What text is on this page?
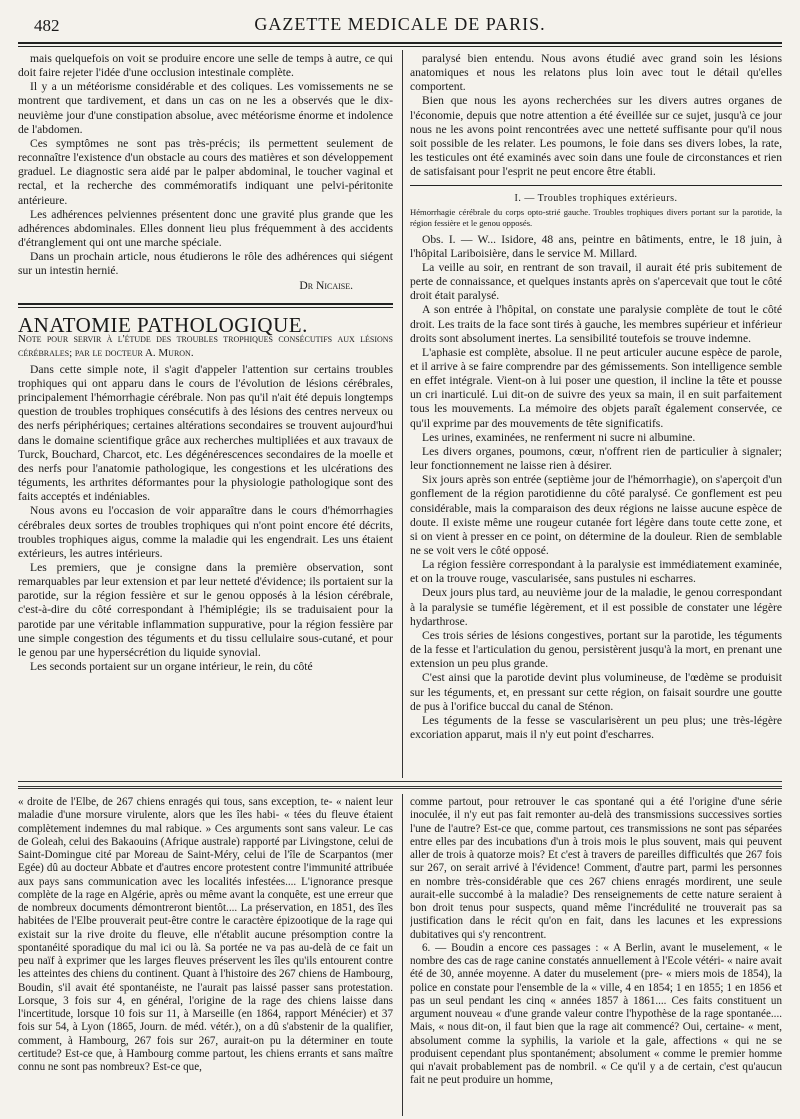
482	GAZETTE MEDICALE DE PARIS.

mais quelquefois on voit se produire encore une selle de temps à autre, ce qui doit faire rejeter l'idée d'une occlusion intestinale complète.

Il y a un météorisme considérable et des coliques. Les vomissements ne se montrent que tardivement, et dans un cas on ne les a observés que le dix-neuvième jour d'une constipation absolue, avec météorisme énorme et indolence de l'abdomen.

Ces symptômes ne sont pas très-précis; ils permettent seulement de reconnaître l'existence d'un obstacle au cours des matières et son développement graduel. Le diagnostic sera aidé par le palper abdominal, le toucher vaginal et rectal, et la recherche des commémoratifs indiquant une pelvi-péritonite antérieure.

Les adhérences pelviennes présentent donc une gravité plus grande que les adhérences abdominales. Elles donnent lieu plus fréquemment à des accidents d'étranglement qui ont une marche spéciale.

Dans un prochain article, nous étudierons le rôle des adhérences qui siégent sur un intestin hernié.

Dr Nicaise.

ANATOMIE PATHOLOGIQUE.

Note pour servir à l'étude des troubles trophiques consécutifs aux lésions cérébrales; par le docteur A. Muron.

Dans cette simple note, il s'agit d'appeler l'attention sur certains troubles trophiques qui ont apparu dans le cours de l'évolution de lésions cérébrales, principalement l'hémorrhagie cérébrale. Non pas qu'il n'ait été depuis longtemps question de troubles trophiques consécutifs à des lésions des centres nerveux ou des nerfs périphériques; certaines altérations secondaires se trouvent aujourd'hui dans le domaine scientifique grâce aux recherches multipliées et aux travaux de Turck, Bouchard, Charcot, etc. Les dégénérescences secondaires de la moelle et des nerfs pour l'anatomie pathologique, les congestions et les ulcérations des téguments, les arthrites déformantes pour la physiologie pathologique sont des faits acceptés et indéniables.

Nous avons eu l'occasion de voir apparaître dans le cours d'hémorrhagies cérébrales deux sortes de troubles trophiques qui n'ont point encore été décrits, troubles trophiques aigus, comme la maladie qui les engendrait. Les uns étaient extérieurs, les autres intérieurs.

Les premiers, que je consigne dans la première observation, sont remarquables par leur extension et par leur netteté d'évidence; ils portaient sur la parotide, sur la région fessière et sur le genou opposés à la lésion cérébrale, c'est-à-dire du côté correspondant à l'hémiplégie; ils se traduisaient pour la parotide par une véritable inflammation suppurative, pour la région fessière par une simple congestion des téguments et du tissu cellulaire sous-cutané, et pour le genou par une hypersécrétion du liquide synovial.

Les seconds portaient sur un organe intérieur, le rein, du côté

paralysé bien entendu. Nous avons étudié avec grand soin les lésions anatomiques et nous les relatons plus loin avec tout le détail qu'elles comportent.

Bien que nous les ayons recherchées sur les divers autres organes de l'économie, depuis que notre attention a été éveillée sur ce sujet, jusqu'à ce jour nous ne les avons point rencontrées avec une netteté suffisante pour qu'il nous soit possible de les relater. Les poumons, le foie dans ses divers lobes, la rate, les testicules ont été examinés avec soin dans une foule de circonstances et rien de satisfaisant pour l'esprit ne peut encore être établi.

I. — Troubles trophiques extérieurs.

Hémorrhagie cérébrale du corps opto-strié gauche. Troubles trophiques divers portant sur la parotide, la région fessière et le genou opposés.

Obs. I. — W... Isidore, 48 ans, peintre en bâtiments, entre, le 18 juin, à l'hôpital Lariboisière, dans le service M. Millard.

La veille au soir, en rentrant de son travail, il aurait été pris subitement de perte de connaissance, et quelques instants après on s'apercevait que tout le côté droit était paralysé.

A son entrée à l'hôpital, on constate une paralysie complète de tout le côté droit. Les traits de la face sont tirés à gauche, les membres supérieur et inférieur droits sont absolument inertes. La sensibilité toutefois se trouve indemne.

L'aphasie est complète, absolue. Il ne peut articuler aucune espèce de parole, et il arrive à se faire comprendre par des gémissements. Son intelligence semble en effet intégrale. Vient-on à lui poser une question, il incline la tête et pousse un cri inarticulé. Lui dit-on de suivre des yeux sa main, il en suit parfaitement tous les mouvements. La mémoire des objets paraît également conservée, ce qu'il exprime par des mouvements de tête significatifs.

Les urines, examinées, ne renferment ni sucre ni albumine.

Les divers organes, poumons, cœur, n'offrent rien de particulier à signaler; leur fonctionnement ne laisse rien à désirer.

Six jours après son entrée (septième jour de l'hémorrhagie), on s'aperçoit d'un gonflement de la région parotidienne du côté paralysé. Ce gonflement est peu considérable, mais la comparaison des deux régions ne laisse aucune espèce de doute. Il existe même une rougeur cutanée fort légère dans toute cette zone, et si on vient à presser en ce point, on détermine de la douleur. Rien de semblable ne se voit vers le côté opposé.

La région fessière correspondant à la paralysie est immédiatement examinée, et on la trouve rouge, vascularisée, sans pustules ni escharres.

Deux jours plus tard, au neuvième jour de la maladie, le genou correspondant à la paralysie se tuméfie légèrement, et il est possible de constater une légère hydarthrose.

Ces trois séries de lésions congestives, portant sur la parotide, les téguments de la fesse et l'articulation du genou, persistèrent jusqu'à la mort, en prenant une extension un peu plus grande.

C'est ainsi que la parotide devint plus volumineuse, de l'œdème se produisit sur les téguments, et, en pressant sur cette région, on faisait sourdre une goutte de pus à l'orifice buccal du canal de Sténon.

Les téguments de la fesse se vascularisèrent un peu plus; une très-légère excoriation apparut, mais il n'y eut point d'escharres.

« droite de l'Elbe, de 267 chiens enragés qui tous, sans exception, te- « naient leur maladie d'une morsure virulente, alors que les îles habi- « tées du fleuve étaient complètement indemnes du mal rabique. » Ces arguments sont sans valeur. Le cas de Goleah, celui des Bakaouins (Afrique australe) rapporté par Livingstone, celui de Saint-Domingue cité par Moreau de Saint-Méry, celui de l'île de Scarpantos (mer Egée) dû au docteur Abbate et d'autres encore protestent contre l'immunité attribuée aux pays sans communication avec les localités infestées.... L'ignorance presque complète de la rage en Algérie, après ou même avant la conquête, est une erreur que de nombreux documents démontreront bientôt.... La préservation, en 1851, des îles habitées de l'Elbe prouverait peut-être contre le caractère épizootique de la rage qui existait sur la rive droite du fleuve, elle n'établit aucune présomption contre la spontanéité sporadique du mal ici ou là. Sa portée ne va pas au-delà de ce fait un peu naïf à exprimer que les larges fleuves préservent les îles qu'ils entourent contre les atteintes des chiens du continent. Quant à l'histoire des 267 chiens de Hambourg, Boudin, s'il avait été spontanéiste, ne l'aurait pas laissé passer sans protestation. Lorsque, 3 fois sur 4, en général, l'origine de la rage des chiens laisse dans l'incertitude, lorsque 10 fois sur 11, à Marseille (en 1864, rapport Ménécier) et 37 fois sur 54, à Lyon (1865, Journ. de méd. vétér.), on a dû s'abstenir de la qualifier, comment, à Hambourg, 267 fois sur 267, aurait-on pu la déterminer en toute certitude? Est-ce que, à Hambourg comme partout, les chiens errants et sans maître connu ne sont pas nombreux? Est-ce que,

comme partout, pour retrouver le cas spontané qui a été l'origine d'une série inoculée, il n'y eut pas fait remonter au-delà des transmissions successives sorties l'une de l'autre? Est-ce que, comme partout, ces transmissions ne sont pas séparées entre elles par des incubations d'un à trois mois le plus souvent, mais qui peuvent aller de trois à quatorze mois? Et c'est à travers de pareilles difficultés que 267 fois sur 267, on serait arrivé à l'évidence! Comment, d'autre part, parmi les personnes en nombre très-considérable que ces 267 chiens enragés mordirent, une seule aurait-elle succombé à la maladie? Des renseignements de cette nature seraient à bon droit tenus pour suspects, quand même l'incrédulité ne trouverait pas sa justification dans le récit qu'on en fait, dans les lacunes et les expressions dubitatives qui s'y rencontrent.

6. — Boudin a encore ces passages : « A Berlin, avant le muselement, « le nombre des cas de rage canine constatés annuellement à l'Ecole vétéri- « naire avait été de 30, année moyenne. A dater du muselement (pre- « miers mois de 1854), la police en constate pour l'ensemble de la « ville, 4 en 1854; 1 en 1855; 1 en 1856 et pas un seul pendant les cinq « années 1857 à 1861.... Ces faits constituent un argument nouveau « d'une grande valeur contre l'hypothèse de la rage spontanée.... Mais, « nous dit-on, il faut bien que la rage ait commencé? Oui, certaine- « ment, absolument comme la syphilis, la variole et la gale, affections « qui ne se produisent cependant plus spontanément; absolument « comme le premier homme qui n'avait probablement pas de nombril. « Ce qu'il y a de certain, c'est qu'aucun fait ne peut produire un homme,
